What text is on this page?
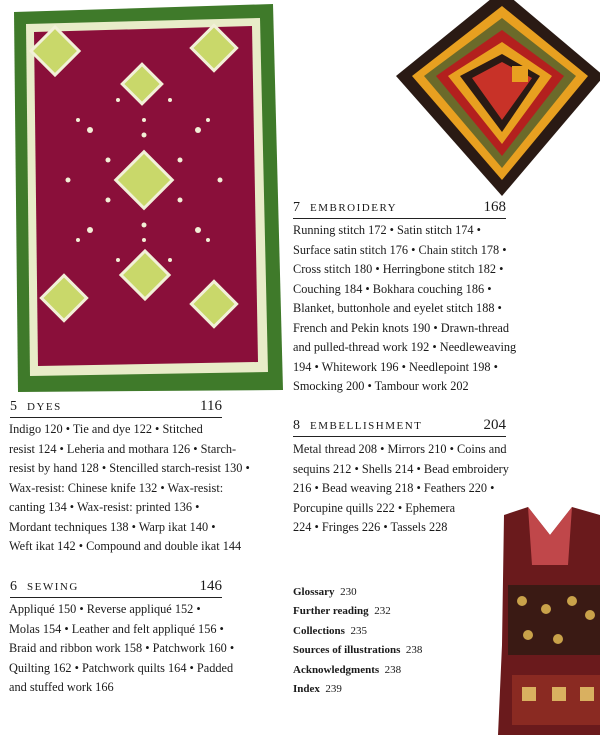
7 EMBROIDERY	168
Running stitch 172 • Satin stitch 174 •
Surface satin stitch 176 • Chain stitch 178 •
Cross stitch 180 • Herringbone stitch 182 •
Couching 184 • Bokhara couching 186 •
Blanket, buttonhole and eyelet stitch 188 •
French and Pekin knots 190 • Drawn-thread
and pulled-thread work 192 • Needleweaving
194 • Whitework 196 • Needlepoint 198 •
Smocking 200 • Tambour work 202
5 DYES	116
Indigo 120 • Tie and dye 122 • Stitched
resist 124 • Leheria and mothara 126 • Starch-
resist by hand 128 • Stencilled starch-resist 130 •
Wax-resist: Chinese knife 132 • Wax-resist:
canting 134 • Wax-resist: printed 136 •
Mordant techniques 138 • Warp ikat 140 •
Weft ikat 142 • Compound and double ikat 144
8 EMBELLISHMENT	204
Metal thread 208 • Mirrors 210 • Coins and
sequins 212 • Shells 214 • Bead embroidery
216 • Bead weaving 218 • Feathers 220 •
Porcupine quills 222 • Ephemera
224 • Fringes 226 • Tassels 228
6 SEWING	146
Appliqué 150 • Reverse appliqué 152 •
Molas 154 • Leather and felt appliqué 156 •
Braid and ribbon work 158 • Patchwork 160 •
Quilting 162 • Patchwork quilts 164 • Padded
and stuffed work 166
Glossary 230
Further reading 232
Collections 235
Sources of illustrations 238
Acknowledgments 238
Index 239
